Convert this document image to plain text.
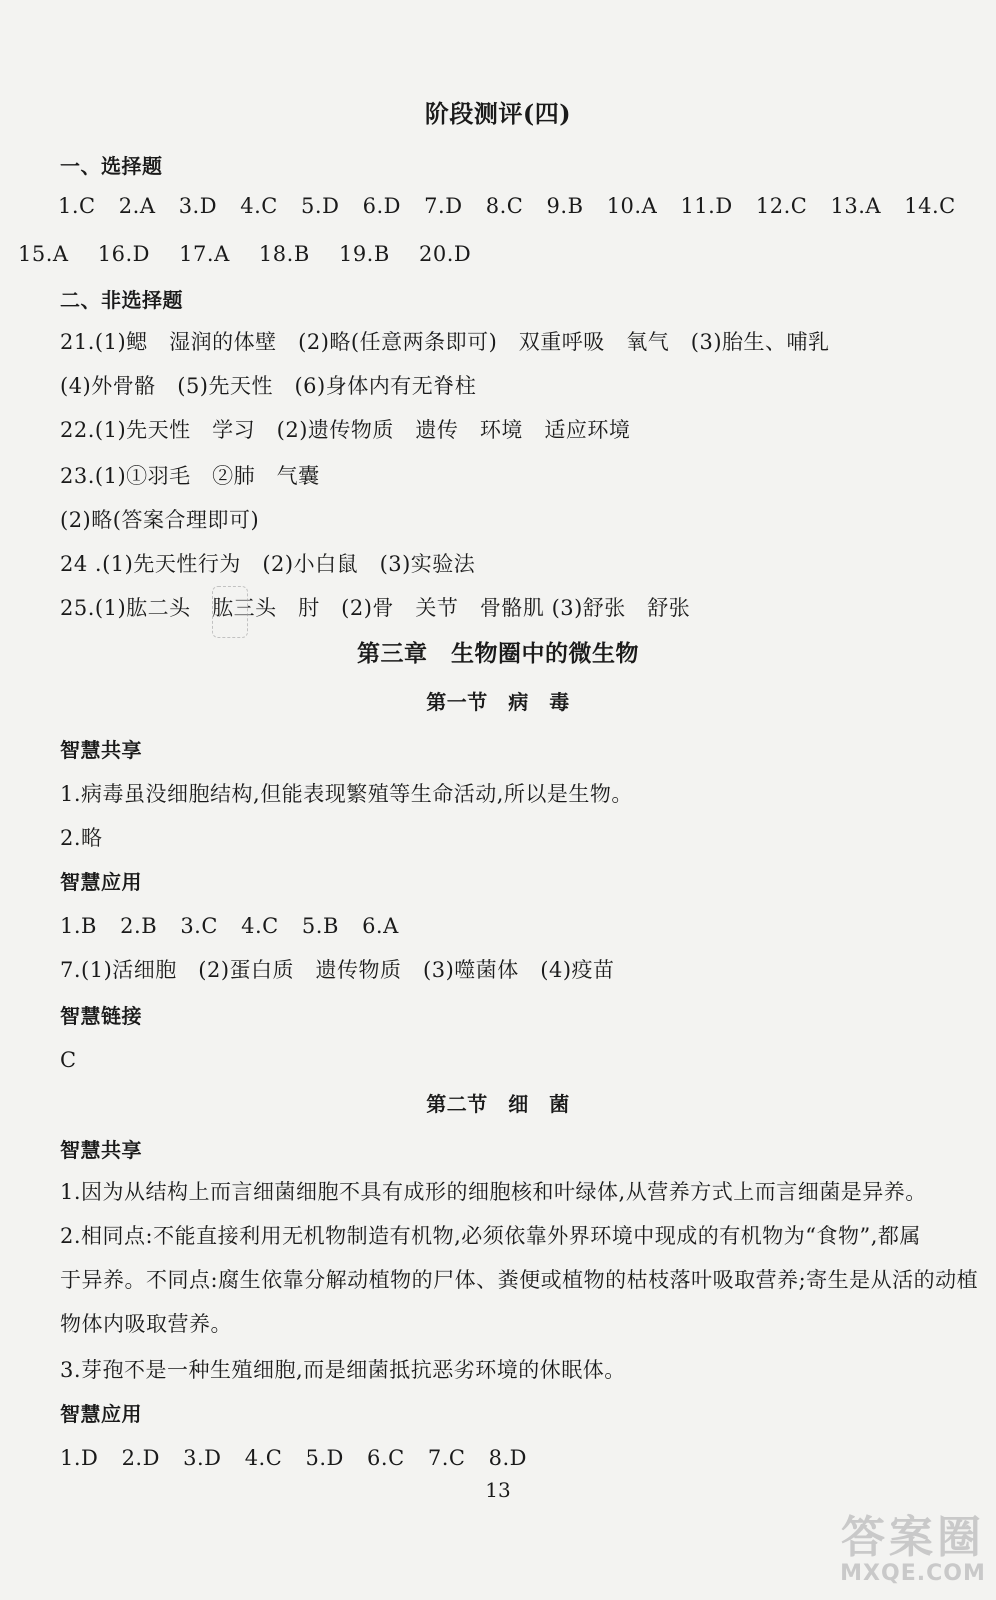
阶段测评(四)
一、选择题
1.C 2.A 3.D 4.C 5.D 6.D 7.D 8.C 9.B 10.A 11.D 12.C 13.A 14.C
15.A 16.D 17.A 18.B 19.B 20.D
二、非选择题
21.(1)鳃　湿润的体壁　(2)略(任意两条即可)　双重呼吸　氧气　(3)胎生、哺乳
(4)外骨骼　(5)先天性　(6)身体内有无脊柱
22.(1)先天性　学习　(2)遗传物质　遗传　环境　适应环境
23.(1)①羽毛　②肺　气囊
(2)略(答案合理即可)
24 .(1)先天性行为　(2)小白鼠　(3)实验法
25.(1)肱二头　肱三头　肘　(2)骨　关节　骨骼肌 (3)舒张　舒张
第三章　生物圈中的微生物
第一节　病　毒
智慧共享
1.病毒虽没细胞结构,但能表现繁殖等生命活动,所以是生物。
2.略
智慧应用
1.B 2.B 3.C 4.C 5.B 6.A
7.(1)活细胞　(2)蛋白质　遗传物质　(3)噬菌体　(4)疫苗
智慧链接
C
第二节　细　菌
智慧共享
1.因为从结构上而言细菌细胞不具有成形的细胞核和叶绿体,从营养方式上而言细菌是异养。
2.相同点:不能直接利用无机物制造有机物,必须依靠外界环境中现成的有机物为“食物”,都属
于异养。不同点:腐生依靠分解动植物的尸体、粪便或植物的枯枝落叶吸取营养;寄生是从活的动植
物体内吸取营养。
3.芽孢不是一种生殖细胞,而是细菌抵抗恶劣环境的休眠体。
智慧应用
1.D 2.D 3.D 4.C 5.D 6.C 7.C 8.D
13
答案圈
MXQE.COM
